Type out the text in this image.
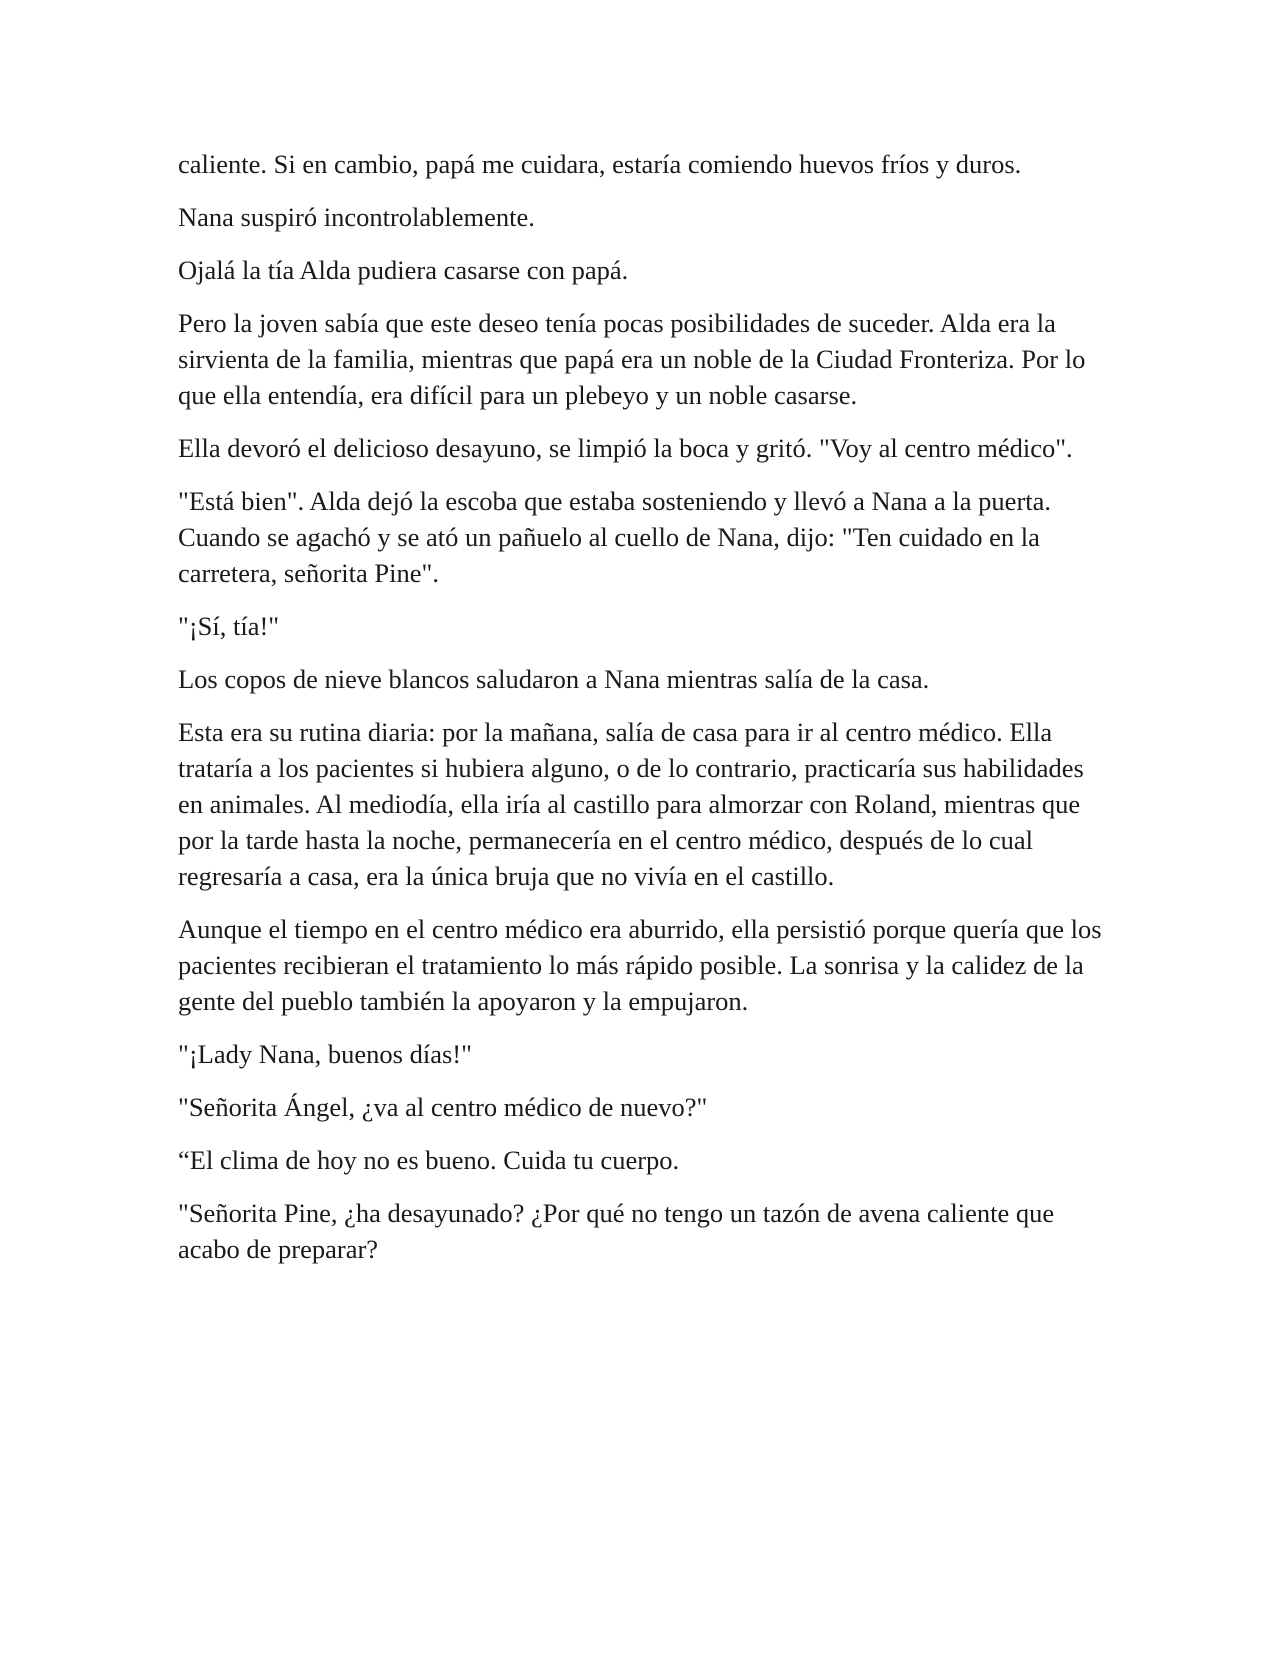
caliente. Si en cambio, papá me cuidara, estaría comiendo huevos fríos y duros.

Nana suspiró incontrolablemente.

Ojalá la tía Alda pudiera casarse con papá.

Pero la joven sabía que este deseo tenía pocas posibilidades de suceder. Alda era la sirvienta de la familia, mientras que papá era un noble de la Ciudad Fronteriza. Por lo que ella entendía, era difícil para un plebeyo y un noble casarse.

Ella devoró el delicioso desayuno, se limpió la boca y gritó. "Voy al centro médico".

"Está bien". Alda dejó la escoba que estaba sosteniendo y llevó a Nana a la puerta. Cuando se agachó y se ató un pañuelo al cuello de Nana, dijo: "Ten cuidado en la carretera, señorita Pine".

"¡Sí, tía!"

Los copos de nieve blancos saludaron a Nana mientras salía de la casa.

Esta era su rutina diaria: por la mañana, salía de casa para ir al centro médico. Ella trataría a los pacientes si hubiera alguno, o de lo contrario, practicaría sus habilidades en animales. Al mediodía, ella iría al castillo para almorzar con Roland, mientras que por la tarde hasta la noche, permanecería en el centro médico, después de lo cual regresaría a casa, era la única bruja que no vivía en el castillo.

Aunque el tiempo en el centro médico era aburrido, ella persistió porque quería que los pacientes recibieran el tratamiento lo más rápido posible. La sonrisa y la calidez de la gente del pueblo también la apoyaron y la empujaron.

"¡Lady Nana, buenos días!"

"Señorita Ángel, ¿va al centro médico de nuevo?"

“El clima de hoy no es bueno. Cuida tu cuerpo.

"Señorita Pine, ¿ha desayunado? ¿Por qué no tengo un tazón de avena caliente que acabo de preparar?
